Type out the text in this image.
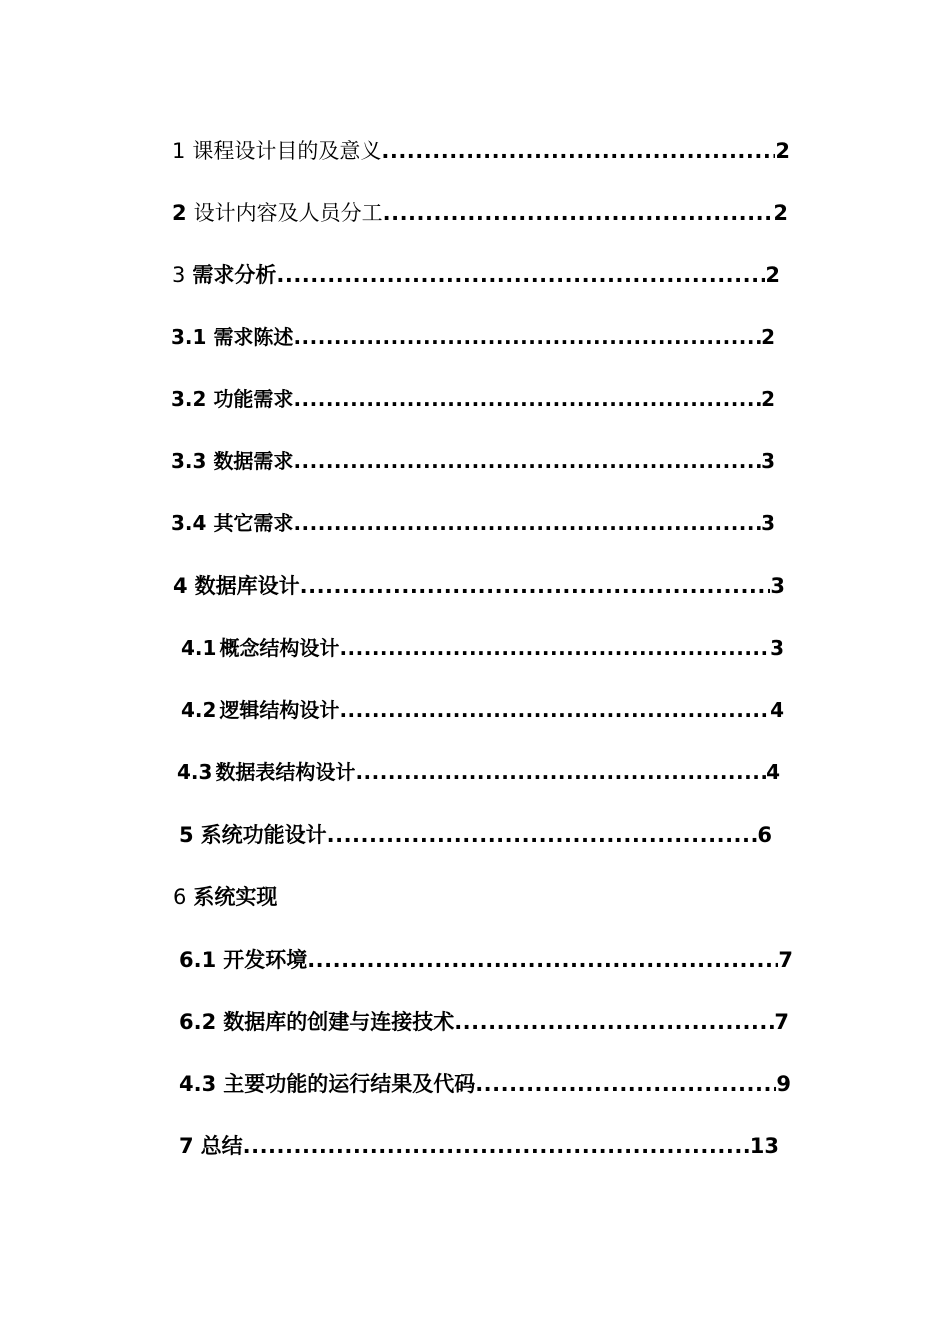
1 课程设计目的及意义 .....	2
2 设计内容及人员分工 .....	2
3 需求分析 .....	2
3.1 需求陈述 .....	2
3.2 功能需求 .....	2
3.3 数据需求 .....	3
3.4 其它需求 .....	3
4 数据库设计 .....	3
4.1 概念结构设计 .....	3
4.2 逻辑结构设计 .....	4
4.3 数据表结构设计 .....	4
5 系统功能设计 .....	6
6 系统实现
6.1 开发环境 .....	7
6.2 数据库的创建与连接技术 .....	7
4.3 主要功能的运行结果及代码 .....	9
7 总结 .....	13
